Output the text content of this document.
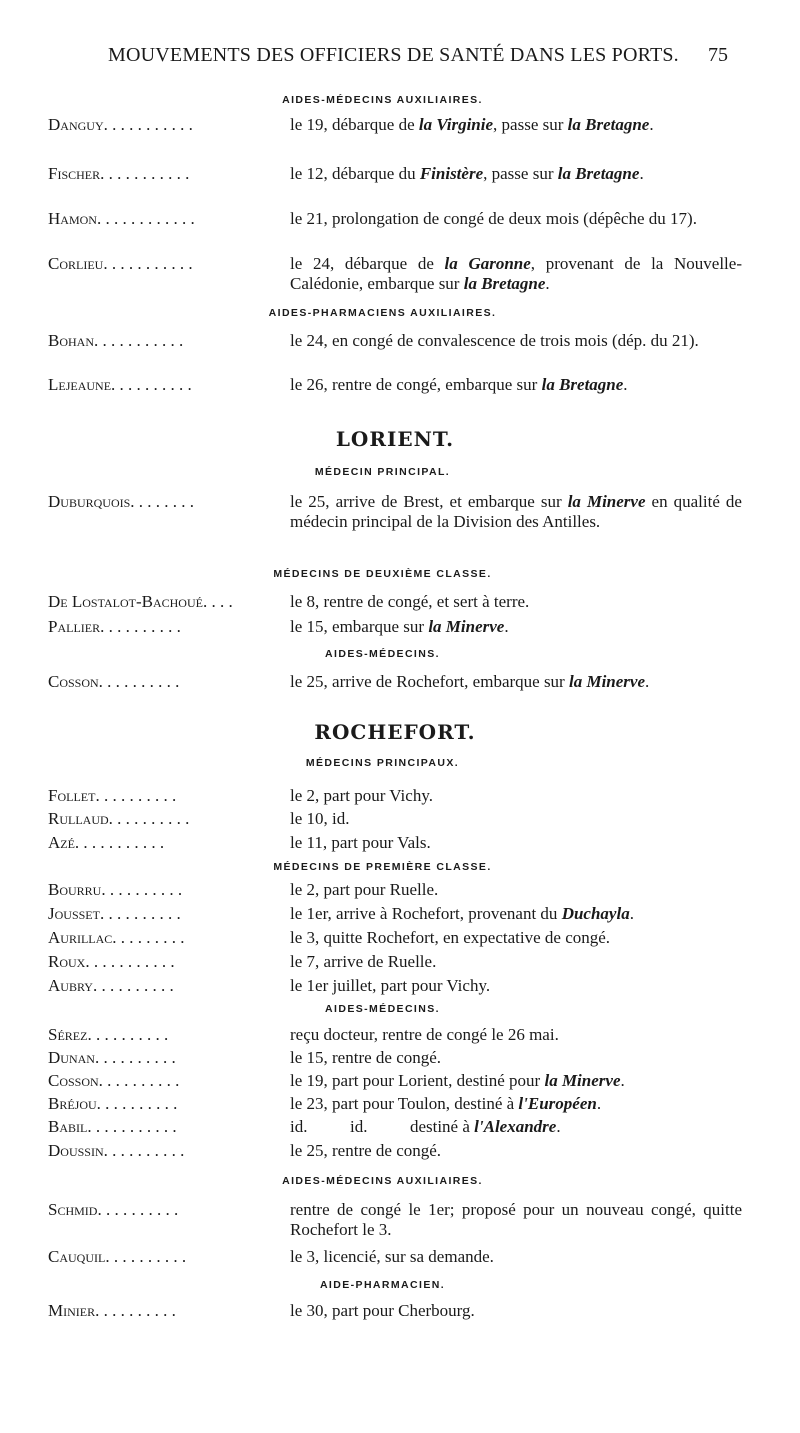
MOUVEMENTS DES OFFICIERS DE SANTÉ DANS LES PORTS.	75
AIDES-MÉDECINS AUXILIAIRES.
Danguy. . . . . . . . . . .	le 19, débarque de la Virginie, passe sur la Bretagne.
Fischer. . . . . . . . . . .	le 12, débarque du Finistère, passe sur la Bretagne.
Hamon. . . . . . . . . . . .	le 21, prolongation de congé de deux mois (dépêche du 17).
Corlieu. . . . . . . . . . .	le 24, débarque de la Garonne, provenant de la Nouvelle-Calédonie, embarque sur la Bretagne.
AIDES-PHARMACIENS AUXILIAIRES.
Bohan. . . . . . . . . . .	le 24, en congé de convalescence de trois mois (dép. du 21).
Lejeaune. . . . . . . . . .	le 26, rentre de congé, embarque sur la Bretagne.
LORIENT.
MÉDECIN PRINCIPAL.
Duburquois. . . . . . . .	le 25, arrive de Brest, et embarque sur la Minerve en qualité de médecin principal de la Division des Antilles.
MÉDECINS DE DEUXIÈME CLASSE.
De Lostalot-Bachoué. . . .	le 8, rentre de congé, et sert à terre.
Pallier. . . . . . . . . .	le 15, embarque sur la Minerve.
AIDES-MÉDECINS.
Cosson. . . . . . . . . .	le 25, arrive de Rochefort, embarque sur la Minerve.
ROCHEFORT.
MÉDECINS PRINCIPAUX.
Follet. . . . . . . . . .	le 2, part pour Vichy.
Rullaud. . . . . . . . . .	le 10, id.
Azé. . . . . . . . . . .	le 11, part pour Vals.
MÉDECINS DE PREMIÈRE CLASSE.
Bourru. . . . . . . . . .	le 2, part pour Ruelle.
Jousset. . . . . . . . . .	le 1er, arrive à Rochefort, provenant du Duchayla.
Aurillac. . . . . . . . .	le 3, quitte Rochefort, en expectative de congé.
Roux. . . . . . . . . . .	le 7, arrive de Ruelle.
Aubry. . . . . . . . . .	le 1er juillet, part pour Vichy.
AIDES-MÉDECINS.
Sérez. . . . . . . . . .	reçu docteur, rentre de congé le 26 mai.
Dunan. . . . . . . . . .	le 15, rentre de congé.
Cosson. . . . . . . . . .	le 19, part pour Lorient, destiné pour la Minerve.
Bréjou. . . . . . . . . .	le 23, part pour Toulon, destiné à l'Européen.
Babil. . . . . . . . . . .	id.          id.          destiné à l'Alexandre.
Doussin. . . . . . . . . .	le 25, rentre de congé.
AIDES-MÉDECINS AUXILIAIRES.
Schmid. . . . . . . . . .	rentre de congé le 1er; proposé pour un nouveau congé, quitte Rochefort le 3.
Cauquil. . . . . . . . . .	le 3, licencié, sur sa demande.
AIDE-PHARMACIEN.
Minier. . . . . . . . . .	le 30, part pour Cherbourg.
